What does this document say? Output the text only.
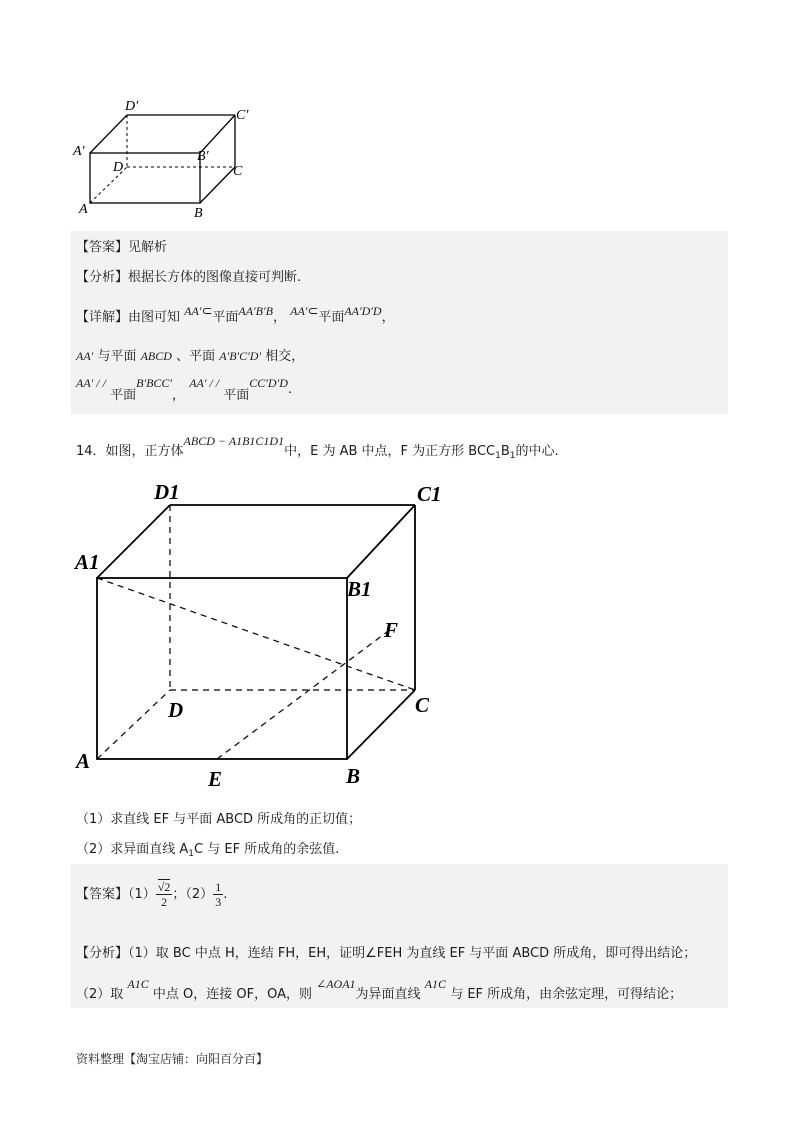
D′
C′
A′	B′
D	C
A	B
【答案】见解析
【分析】根据长方体的图像直接可判断.
【详解】由图可知 AA′⊂平面AA′B′B， AA′⊂平面AA′D′D，
AA′ 与平面 ABCD 、平面 A′B′C′D′ 相交，
AA′ / / 平面B′BCC′， AA′ / / 平面CC′D′D.
14．如图，正方体ABCD − A1B1C1D1中，E 为 AB 中点，F 为正方形 $BCC_1B_1$的中心.
D1	C1
A1
B1
F
D	C
A
E	B
（1）求直线 EF 与平面 ABCD 所成角的正切值；
（2）求异面直线 $A_1C$ 与 EF 所成角的余弦值.
【答案】$(1) \frac{√2}{2}$ ；$(2) \frac{1}{3}$ .
【分析】（1）取 BC 中点 H，连结 FH，EH，证明∠FEH 为直线 EF 与平面 ABCD 所成角，即可得出结论；
（2）取 A1C 中点 O，连接 OF，OA，则 ∠AOA1为异面直线 A1C 与 EF 所成角，由余弦定理，可得结论；
资料整理【淘宝店铺：向阳百分百】
